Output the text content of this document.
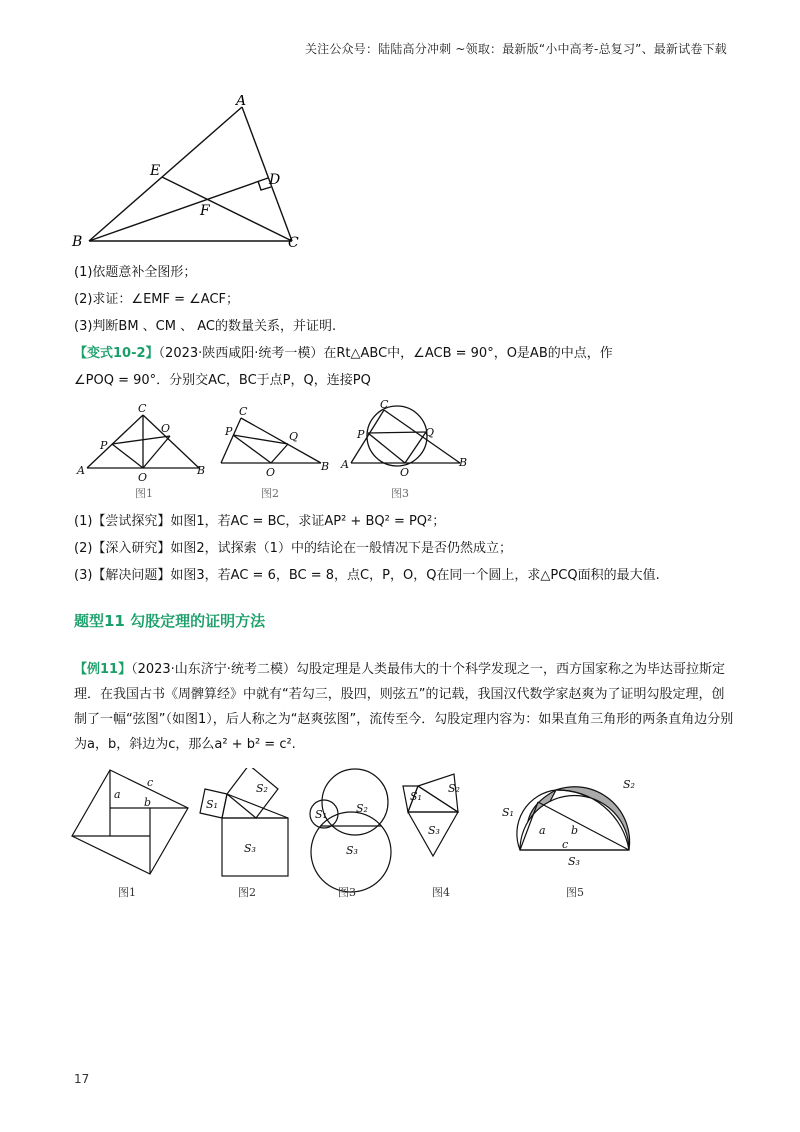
关注公众号：陆陆高分冲刺 ~领取：最新版“小中高考-总复习”、最新试卷下载
A
B	C
D
E
F
(1)依题意补全图形；
(2)求证：∠EMF = ∠ACF；
(3)判断BM 、CM 、 AC的数量关系，并证明.
【变式10-2】（2023·陕西咸阳·统考一模）在Rt△ABC中，∠ACB = 90°，O是AB的中点，作
∠POQ = 90°．分别交AC，BC于点P，Q，连接PQ
C
O
P
A	B
O
C
P	Q
O	B
C
P	Q
A
O
B
图1	图2	图3
(1)【尝试探究】如图1，若AC = BC，求证AP² + BQ² = PQ²；
(2)【深入研究】如图2，试探索（1）中的结论在一般情况下是否仍然成立；
(3)【解决问题】如图3，若AC = 6，BC = 8，点C，P，O，Q在同一个圆上，求△PCQ面积的最大值.
题型11 勾股定理的证明方法
【例11】（2023·山东济宁·统考二模）勾股定理是人类最伟大的十个科学发现之一，西方国家称之为毕达哥拉斯定理．在我国古书《周髀算经》中就有“若勾三，股四，则弦五”的记载，我国汉代数学家赵爽为了证明勾股定理，创制了一幅“弦图”（如图1），后人称之为“赵爽弦图”，流传至今．勾股定理内容为：如果直角三角形的两条直角边分别为a，b，斜边为c，那么a² + b² = c².
c
a
b
S₂
S₁
S₃
S₁	S₂
S₃
S₁
S₂
S₃
S₂
S₁
a b
c
S₃
图1	图2	图3	图4	图5
17
